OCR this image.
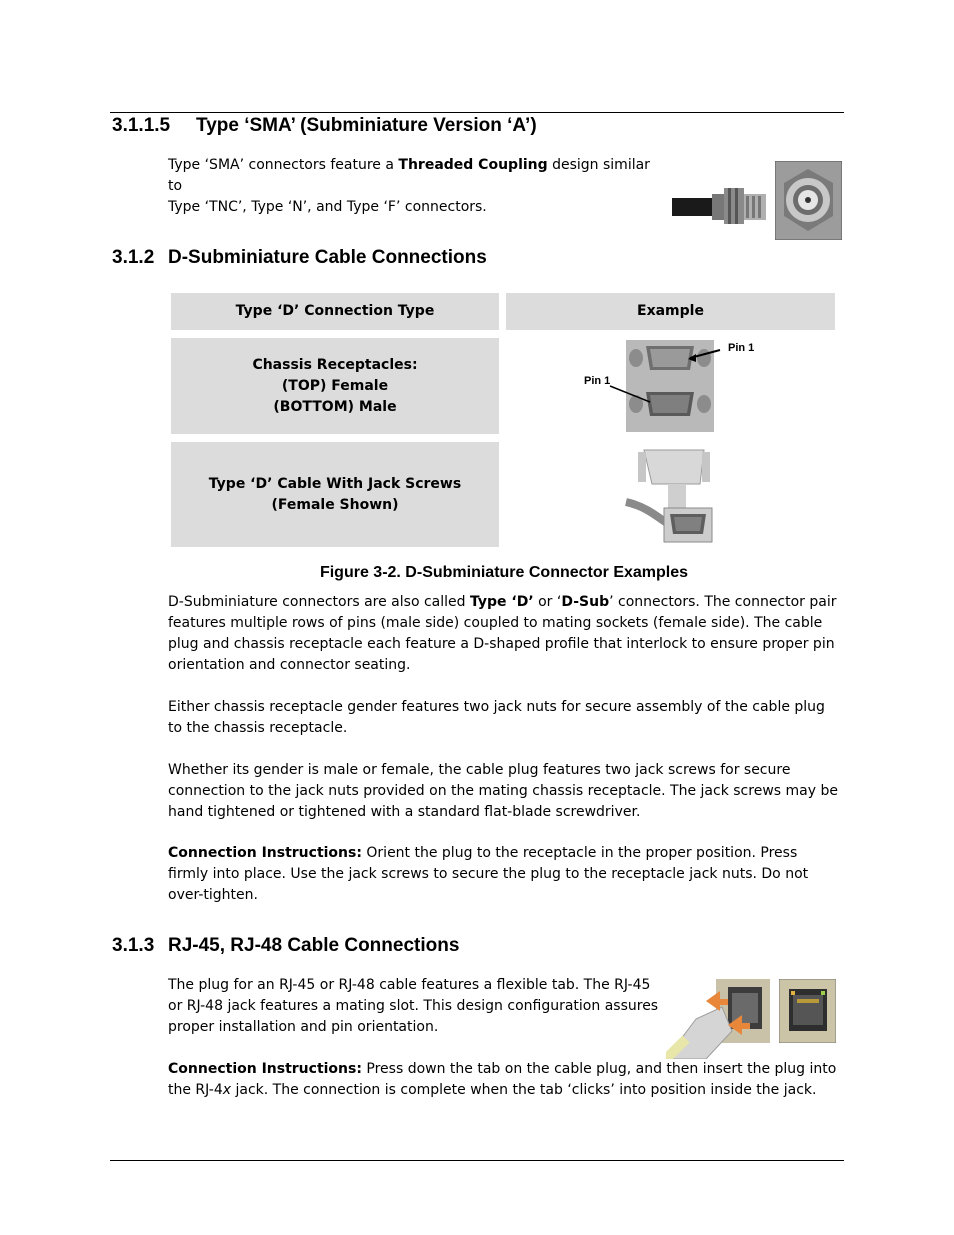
3.1.1.5 Type ‘SMA’ (Subminiature Version ‘A’)
Type ‘SMA’ connectors feature a Threaded Coupling design similar to
Type ‘TNC’, Type ‘N’, and Type ‘F’ connectors.
3.1.2 D-Subminiature Cable Connections
Type ‘D’ Connection Type	Example
Chassis Receptacles:
(TOP) Female
(BOTTOM) Male
Type ‘D’ Cable With Jack Screws
(Female Shown)
Pin 1
Pin 1
Figure 3-2. D-Subminiature Connector Examples
D-Subminiature connectors are also called Type ‘D’ or ‘D-Sub’ connectors. The connector pair features multiple rows of pins (male side) coupled to mating sockets (female side). The cable plug and chassis receptacle each feature a D-shaped profile that interlock to ensure proper pin orientation and connector seating.
Either chassis receptacle gender features two jack nuts for secure assembly of the cable plug to the chassis receptacle.
Whether its gender is male or female, the cable plug features two jack screws for secure connection to the jack nuts provided on the mating chassis receptacle. The jack screws may be hand tightened or tightened with a standard flat-blade screwdriver.
Connection Instructions: Orient the plug to the receptacle in the proper position. Press firmly into place. Use the jack screws to secure the plug to the receptacle jack nuts. Do not over-tighten.
3.1.3 RJ-45, RJ-48 Cable Connections
The plug for an RJ-45 or RJ-48 cable features a flexible tab. The RJ-45
or RJ-48 jack features a mating slot. This design configuration assures
proper installation and pin orientation.
Connection Instructions: Press down the tab on the cable plug, and then insert the plug into the RJ-4x jack. The connection is complete when the tab ‘clicks’ into position inside the jack.
